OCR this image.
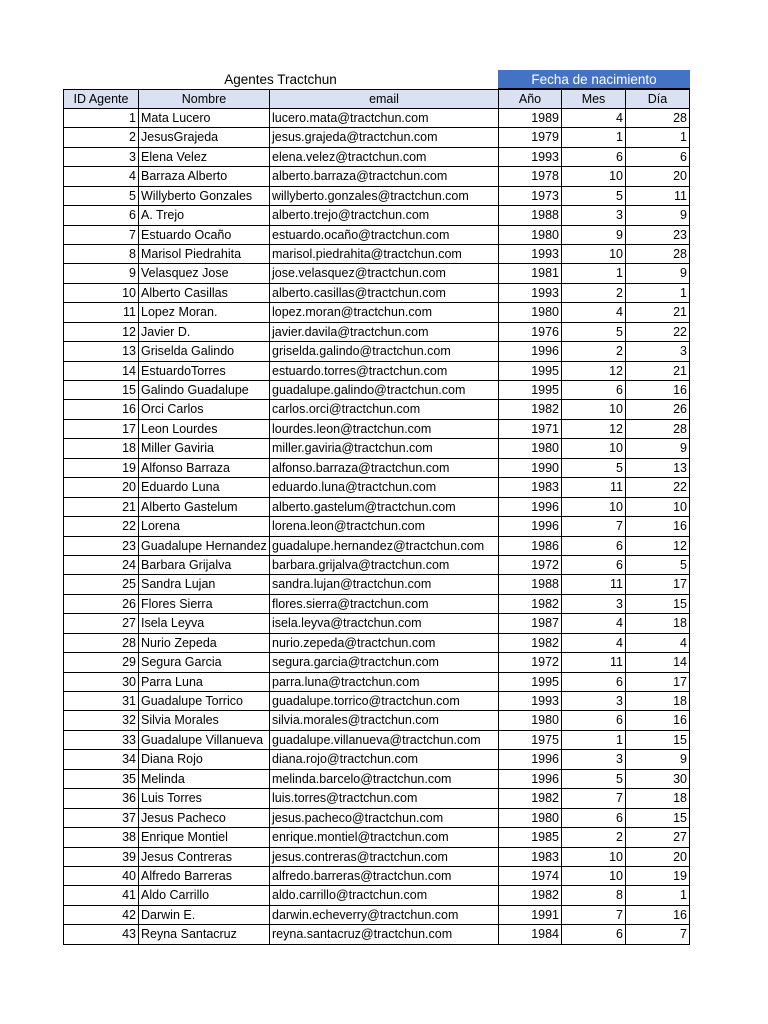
Agentes Tractchun	Fecha de nacimiento
ID Agente	Nombre	email	Año	Mes	Día
1 Mata Lucero	lucero.mata@tractchun.com	1989	4	28
2 JesusGrajeda	jesus.grajeda@tractchun.com	1979	1	1
3 Elena Velez	elena.velez@tractchun.com	1993	6	6
4 Barraza Alberto	alberto.barraza@tractchun.com	1978	10	20
5 Willyberto Gonzales	willyberto.gonzales@tractchun.com	1973	5	11
6 A. Trejo	alberto.trejo@tractchun.com	1988	3	9
7 Estuardo Ocaño	estuardo.ocaño@tractchun.com	1980	9	23
8 Marisol Piedrahita	marisol.piedrahita@tractchun.com	1993	10	28
9 Velasquez Jose	jose.velasquez@tractchun.com	1981	1	9
10 Alberto Casillas	alberto.casillas@tractchun.com	1993	2	1
11 Lopez Moran.	lopez.moran@tractchun.com	1980	4	21
12 Javier D.	javier.davila@tractchun.com	1976	5	22
13 Griselda Galindo	griselda.galindo@tractchun.com	1996	2	3
14 EstuardoTorres	estuardo.torres@tractchun.com	1995	12	21
15 Galindo Guadalupe	guadalupe.galindo@tractchun.com	1995	6	16
16 Orci Carlos	carlos.orci@tractchun.com	1982	10	26
17 Leon Lourdes	lourdes.leon@tractchun.com	1971	12	28
18 Miller Gaviria	miller.gaviria@tractchun.com	1980	10	9
19 Alfonso Barraza	alfonso.barraza@tractchun.com	1990	5	13
20 Eduardo Luna	eduardo.luna@tractchun.com	1983	11	22
21 Alberto Gastelum	alberto.gastelum@tractchun.com	1996	10	10
22 Lorena	lorena.leon@tractchun.com	1996	7	16
23 Guadalupe Hernandez guadalupe.hernandez@tractchun.com	1986	6	12
24 Barbara Grijalva	barbara.grijalva@tractchun.com	1972	6	5
25 Sandra Lujan	sandra.lujan@tractchun.com	1988	11	17
26 Flores Sierra	flores.sierra@tractchun.com	1982	3	15
27 Isela Leyva	isela.leyva@tractchun.com	1987	4	18
28 Nurio Zepeda	nurio.zepeda@tractchun.com	1982	4	4
29 Segura Garcia	segura.garcia@tractchun.com	1972	11	14
30 Parra Luna	parra.luna@tractchun.com	1995	6	17
31 Guadalupe Torrico	guadalupe.torrico@tractchun.com	1993	3	18
32 Silvia Morales	silvia.morales@tractchun.com	1980	6	16
33 Guadalupe Villanueva guadalupe.villanueva@tractchun.com	1975	1	15
34 Diana Rojo	diana.rojo@tractchun.com	1996	3	9
35 Melinda	melinda.barcelo@tractchun.com	1996	5	30
36 Luis Torres	luis.torres@tractchun.com	1982	7	18
37 Jesus Pacheco	jesus.pacheco@tractchun.com	1980	6	15
38 Enrique Montiel	enrique.montiel@tractchun.com	1985	2	27
39 Jesus Contreras	jesus.contreras@tractchun.com	1983	10	20
40 Alfredo Barreras	alfredo.barreras@tractchun.com	1974	10	19
41 Aldo Carrillo	aldo.carrillo@tractchun.com	1982	8	1
42 Darwin E.	darwin.echeverry@tractchun.com	1991	7	16
43 Reyna Santacruz	reyna.santacruz@tractchun.com	1984	6	7
